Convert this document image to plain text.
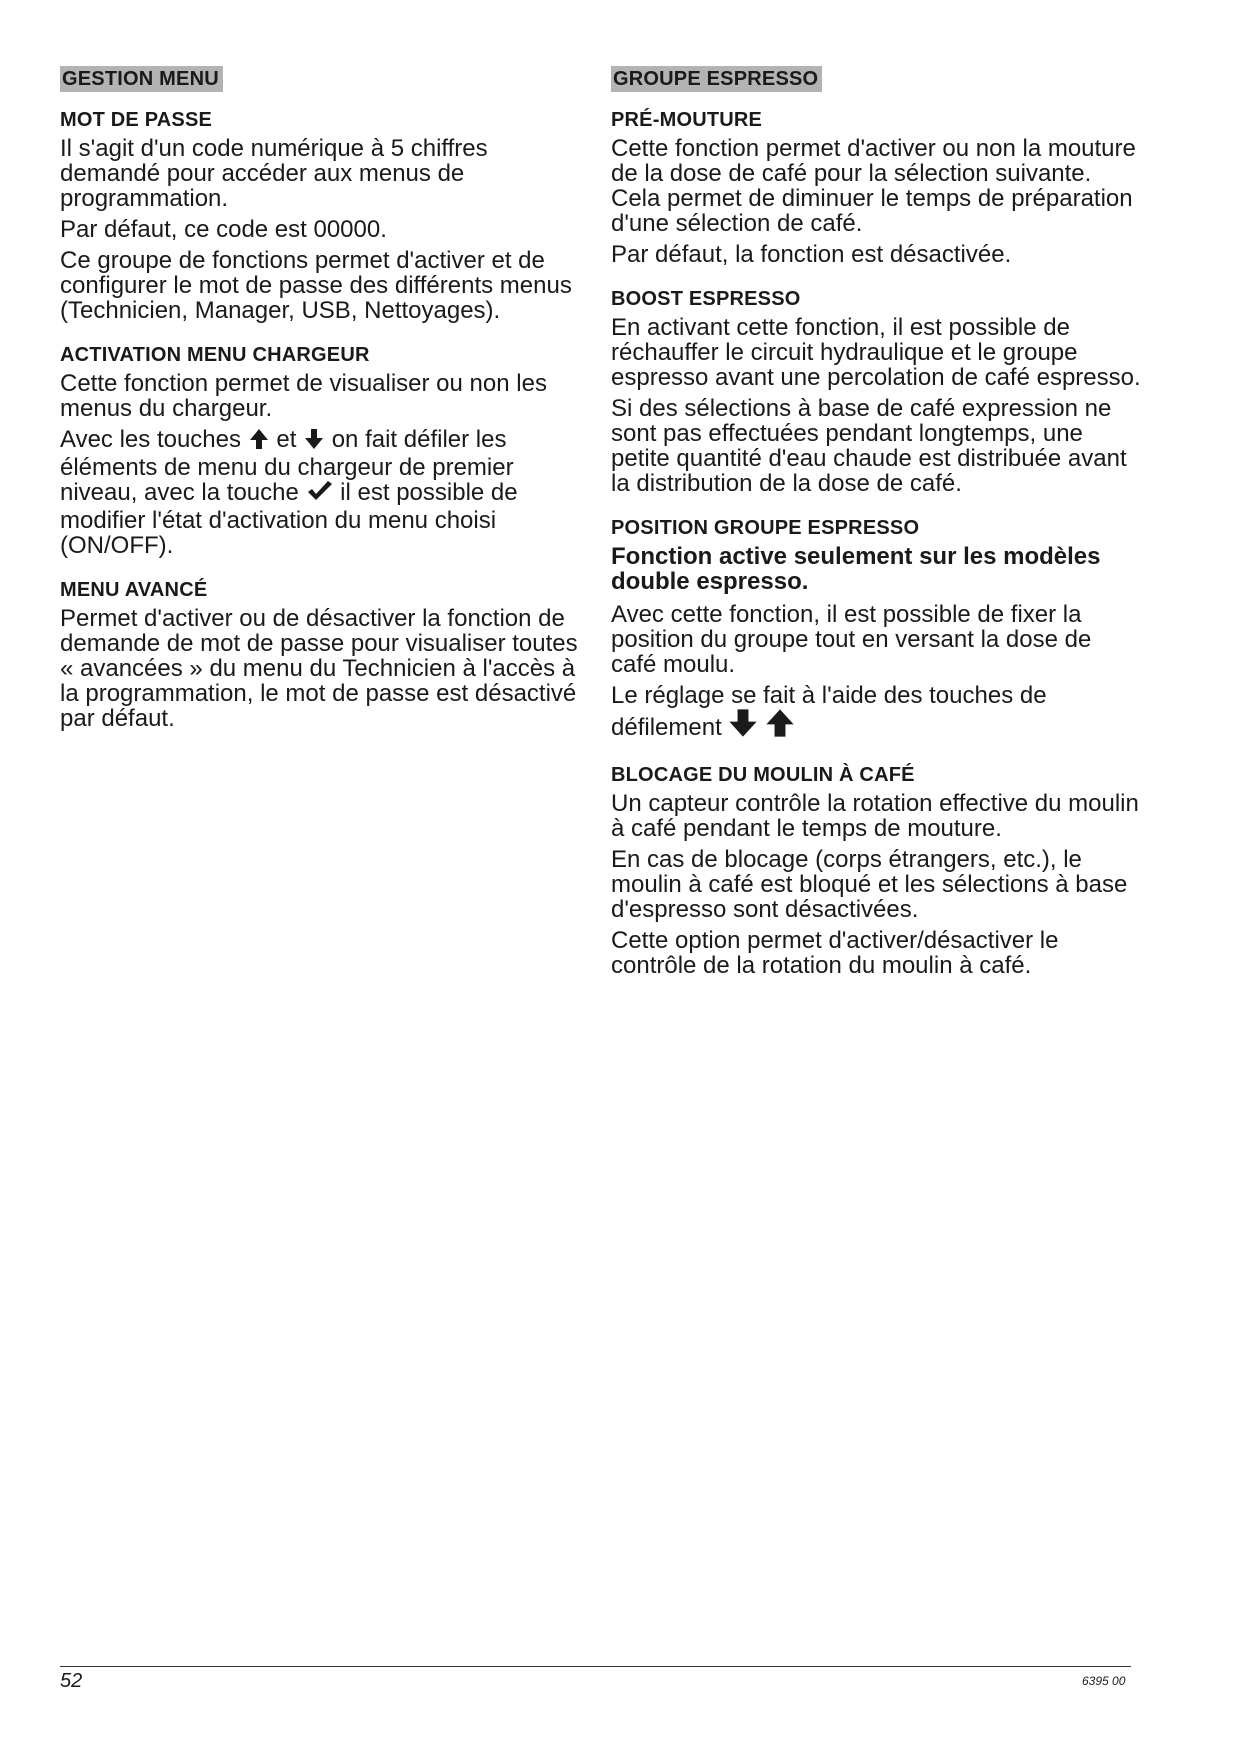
GESTION MENU
MOT DE PASSE

Il s'agit d'un code numérique à 5 chiffres demandé pour accéder aux menus de programmation.

Par défaut, ce code est 00000.

Ce groupe de fonctions permet d'activer et de configurer le mot de passe des différents menus (Technicien, Manager, USB, Nettoyages).

ACTIVATION MENU CHARGEUR

Cette fonction permet de visualiser ou non les menus du chargeur.

Avec les touches et on fait défiler les éléments de menu du chargeur de premier niveau, avec la touche il est possible de modifier l'état d'activation du menu choisi (ON/OFF).

MENU AVANCÉ

Permet d'activer ou de désactiver la fonction de demande de mot de passe pour visualiser toutes « avancées » du menu du Technicien à l'accès à la programmation, le mot de passe est désactivé par défaut.

GROUPE ESPRESSO
PRÉ-MOUTURE

Cette fonction permet d'activer ou non la mouture de la dose de café pour la sélection suivante. Cela permet de diminuer le temps de préparation d'une sélection de café.

Par défaut, la fonction est désactivée.

BOOST ESPRESSO

En activant cette fonction, il est possible de réchauffer le circuit hydraulique et le groupe espresso avant une percolation de café espresso.

Si des sélections à base de café expression ne sont pas effectuées pendant longtemps, une petite quantité d'eau chaude est distribuée avant la distribution de la dose de café.

POSITION GROUPE ESPRESSO
Fonction active seulement sur les modèles double espresso.

Avec cette fonction, il est possible de fixer la position du groupe tout en versant la dose de café moulu.

Le réglage se fait à l'aide des touches de défilement

BLOCAGE DU MOULIN À CAFÉ

Un capteur contrôle la rotation effective du moulin à café pendant le temps de mouture.

En cas de blocage (corps étrangers, etc.), le moulin à café est bloqué et les sélections à base d'espresso sont désactivées.

Cette option permet d'activer/désactiver le contrôle de la rotation du moulin à café.

52	6395 00
